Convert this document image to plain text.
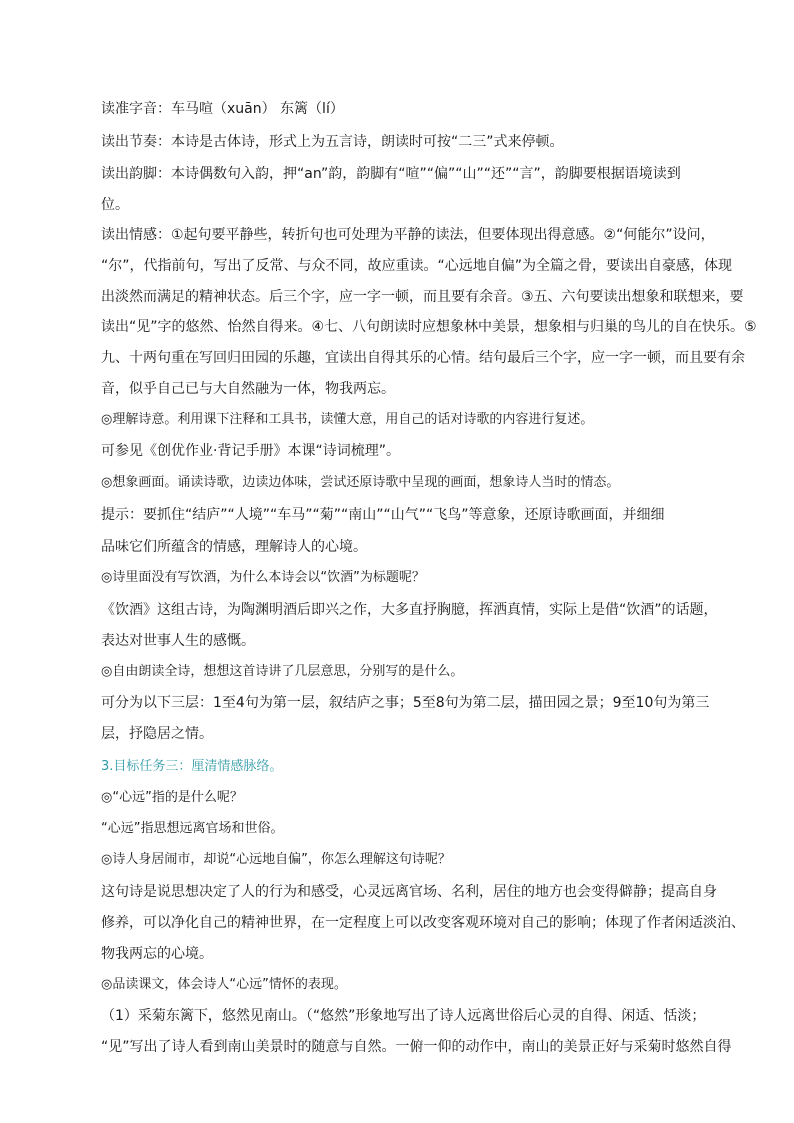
读准字音：车马喧（xuān） 东篱（lí）
读出节奏：本诗是古体诗，形式上为五言诗，朗读时可按“二三”式来停顿。
读出韵脚：本诗偶数句入韵，押“an”韵，韵脚有“喧”“偏”“山”“还”“言”，韵脚要根据语境读到
位。
读出情感：①起句要平静些，转折句也可处理为平静的读法，但要体现出得意感。②“何能尔”设问，
“尔”，代指前句，写出了反常、与众不同，故应重读。“心远地自偏”为全篇之骨，要读出自豪感，体现
出淡然而满足的精神状态。后三个字，应一字一顿，而且要有余音。③五、六句要读出想象和联想来，要
读出“见”字的悠然、怡然自得来。④七、八句朗读时应想象林中美景，想象相与归巢的鸟儿的自在快乐。⑤
九、十两句重在写回归田园的乐趣，宜读出自得其乐的心情。结句最后三个字，应一字一顿，而且要有余
音，似乎自己已与大自然融为一体，物我两忘。
◎理解诗意。利用课下注释和工具书，读懂大意，用自己的话对诗歌的内容进行复述。
可参见《创优作业·背记手册》本课“诗词梳理”。
◎想象画面。诵读诗歌，边读边体味，尝试还原诗歌中呈现的画面，想象诗人当时的情态。
提示：要抓住“结庐”“人境”“车马”“菊”“南山”“山气”“飞鸟”等意象，还原诗歌画面，并细细
品味它们所蕴含的情感，理解诗人的心境。
◎诗里面没有写饮酒，为什么本诗会以“饮酒”为标题呢？
《饮酒》这组古诗，为陶渊明酒后即兴之作，大多直抒胸臆，挥洒真情，实际上是借“饮酒”的话题，
表达对世事人生的感慨。
◎自由朗读全诗，想想这首诗讲了几层意思，分别写的是什么。
可分为以下三层：1至4句为第一层，叙结庐之事；5至8句为第二层，描田园之景；9至10句为第三
层，抒隐居之情。
3.目标任务三：厘清情感脉络。
◎“心远”指的是什么呢？
“心远”指思想远离官场和世俗。
◎诗人身居闹市，却说“心远地自偏”，你怎么理解这句诗呢？
这句诗是说思想决定了人的行为和感受，心灵远离官场、名利，居住的地方也会变得僻静；提高自身
修养，可以净化自己的精神世界，在一定程度上可以改变客观环境对自己的影响；体现了作者闲适淡泊、
物我两忘的心境。
◎品读课文，体会诗人“心远”情怀的表现。
（1）采菊东篱下，悠然见南山。（“悠然”形象地写出了诗人远离世俗后心灵的自得、闲适、恬淡；
“见”写出了诗人看到南山美景时的随意与自然。一俯一仰的动作中，南山的美景正好与采菊时悠然自得
